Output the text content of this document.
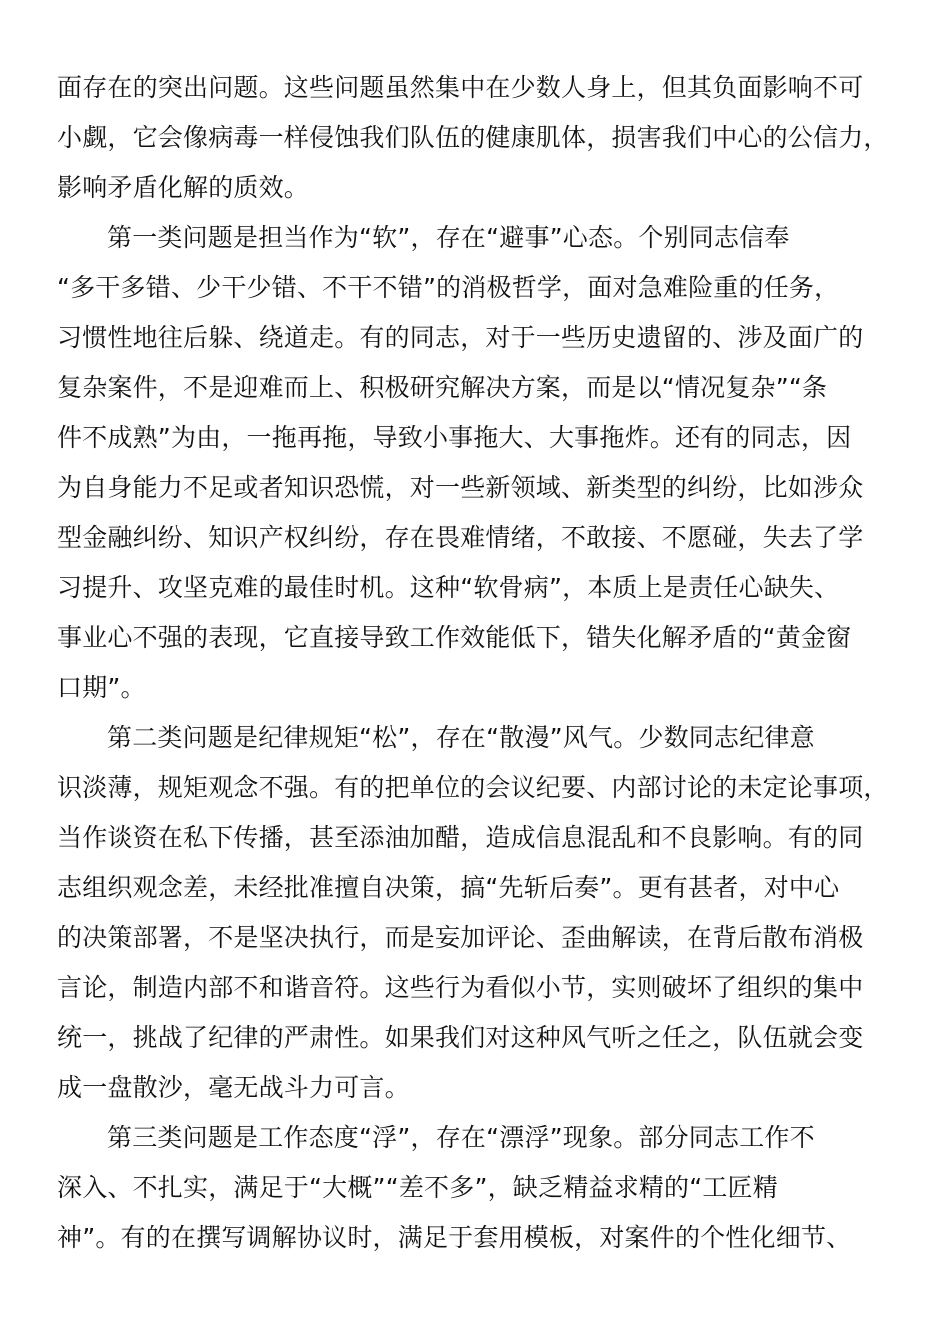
面存在的突出问题。这些问题虽然集中在少数人身上，但其负面影响不可
小觑，它会像病毒一样侵蚀我们队伍的健康肌体，损害我们中心的公信力，
影响矛盾化解的质效。
第一类问题是担当作为“软”，存在“避事”心态。个别同志信奉
“多干多错、少干少错、不干不错”的消极哲学，面对急难险重的任务，
习惯性地往后躲、绕道走。有的同志，对于一些历史遗留的、涉及面广的
复杂案件，不是迎难而上、积极研究解决方案，而是以“情况复杂”“条
件不成熟”为由，一拖再拖，导致小事拖大、大事拖炸。还有的同志，因
为自身能力不足或者知识恐慌，对一些新领域、新类型的纠纷，比如涉众
型金融纠纷、知识产权纠纷，存在畏难情绪，不敢接、不愿碰，失去了学
习提升、攻坚克难的最佳时机。这种“软骨病”，本质上是责任心缺失、
事业心不强的表现，它直接导致工作效能低下，错失化解矛盾的“黄金窗
口期”。
第二类问题是纪律规矩“松”，存在“散漫”风气。少数同志纪律意
识淡薄，规矩观念不强。有的把单位的会议纪要、内部讨论的未定论事项，
当作谈资在私下传播，甚至添油加醋，造成信息混乱和不良影响。有的同
志组织观念差，未经批准擅自决策，搞“先斩后奏”。更有甚者，对中心
的决策部署，不是坚决执行，而是妄加评论、歪曲解读，在背后散布消极
言论，制造内部不和谐音符。这些行为看似小节，实则破坏了组织的集中
统一，挑战了纪律的严肃性。如果我们对这种风气听之任之，队伍就会变
成一盘散沙，毫无战斗力可言。
第三类问题是工作态度“浮”，存在“漂浮”现象。部分同志工作不
深入、不扎实，满足于“大概”“差不多”，缺乏精益求精的“工匠精
神”。有的在撰写调解协议时，满足于套用模板，对案件的个性化细节、
